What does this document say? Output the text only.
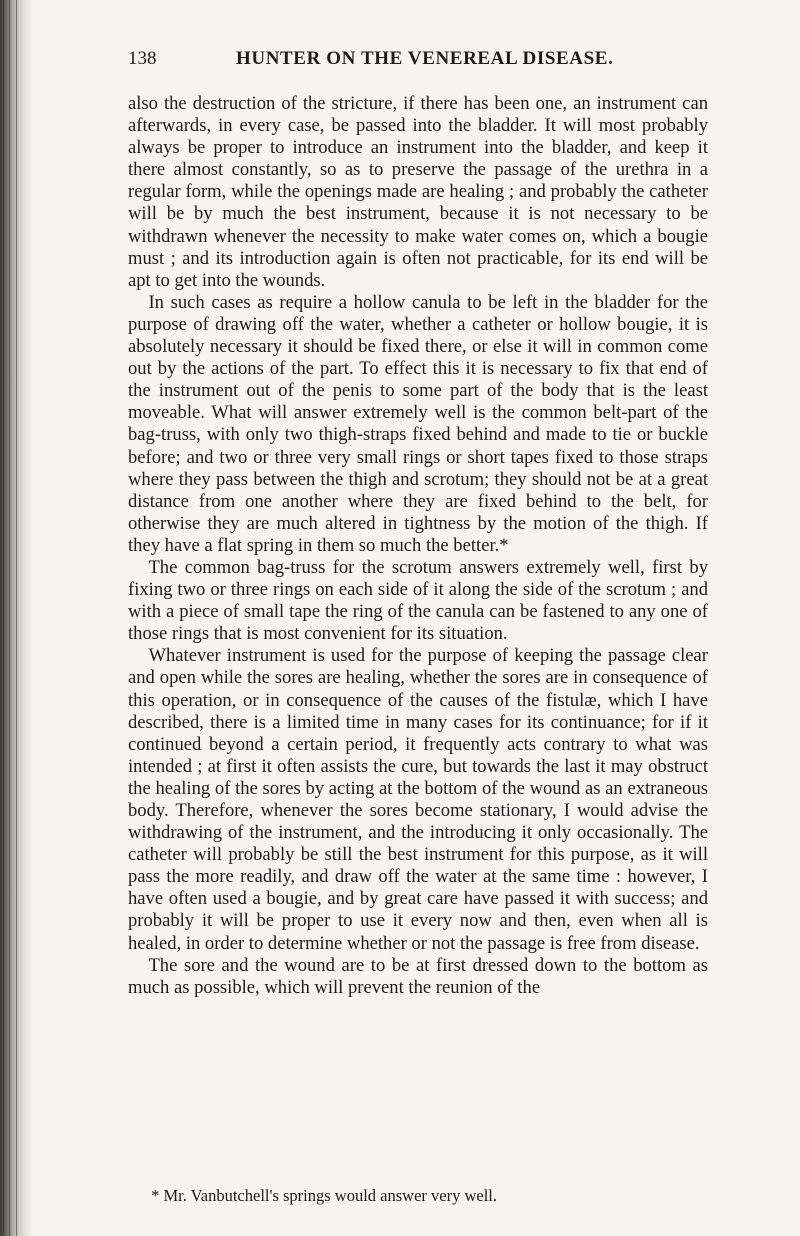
138	HUNTER ON THE VENEREAL DISEASE.

also the destruction of the stricture, if there has been one, an instrument can afterwards, in every case, be passed into the bladder. It will most probably always be proper to introduce an instrument into the bladder, and keep it there almost constantly, so as to preserve the passage of the urethra in a regular form, while the openings made are healing ; and probably the catheter will be by much the best instrument, because it is not necessary to be withdrawn whenever the necessity to make water comes on, which a bougie must ; and its introduction again is often not practicable, for its end will be apt to get into the wounds.

In such cases as require a hollow canula to be left in the bladder for the purpose of drawing off the water, whether a catheter or hollow bougie, it is absolutely necessary it should be fixed there, or else it will in common come out by the actions of the part. To effect this it is necessary to fix that end of the instrument out of the penis to some part of the body that is the least moveable. What will answer extremely well is the common belt-part of the bag-truss, with only two thigh-straps fixed behind and made to tie or buckle before; and two or three very small rings or short tapes fixed to those straps where they pass between the thigh and scrotum; they should not be at a great distance from one another where they are fixed behind to the belt, for otherwise they are much altered in tightness by the motion of the thigh. If they have a flat spring in them so much the better.*

The common bag-truss for the scrotum answers extremely well, first by fixing two or three rings on each side of it along the side of the scrotum ; and with a piece of small tape the ring of the canula can be fastened to any one of those rings that is most convenient for its situation.

Whatever instrument is used for the purpose of keeping the passage clear and open while the sores are healing, whether the sores are in consequence of this operation, or in consequence of the causes of the fistulæ, which I have described, there is a limited time in many cases for its continuance; for if it continued beyond a certain period, it frequently acts contrary to what was intended ; at first it often assists the cure, but towards the last it may obstruct the healing of the sores by acting at the bottom of the wound as an extraneous body. Therefore, whenever the sores become stationary, I would advise the withdrawing of the instrument, and the introducing it only occasionally. The catheter will probably be still the best instrument for this purpose, as it will pass the more readily, and draw off the water at the same time : however, I have often used a bougie, and by great care have passed it with success; and probably it will be proper to use it every now and then, even when all is healed, in order to determine whether or not the passage is free from disease.

The sore and the wound are to be at first dressed down to the bottom as much as possible, which will prevent the reunion of the

* Mr. Vanbutchell's springs would answer very well.
